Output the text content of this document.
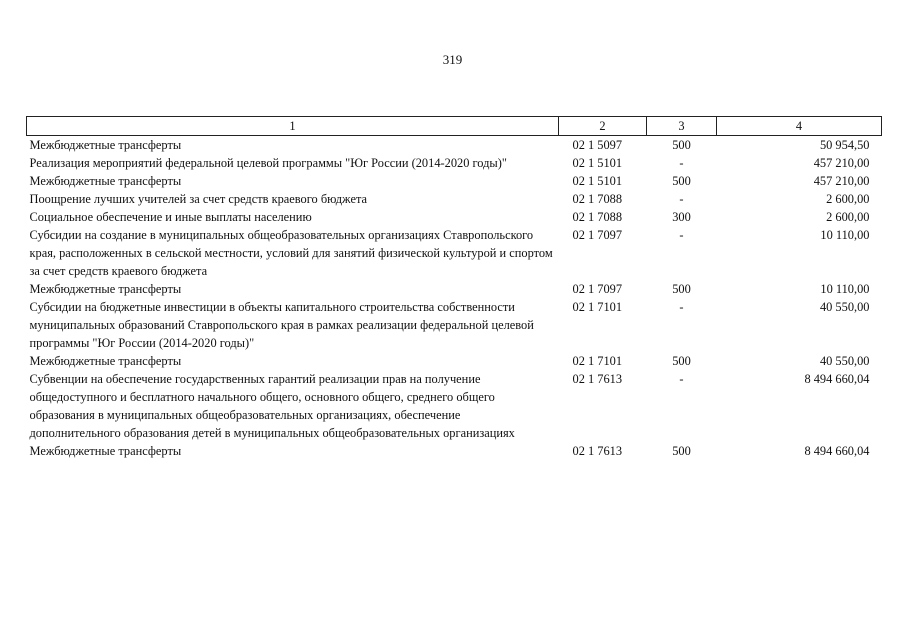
319
1	2	3	4
Межбюджетные трансферты	02 1 5097	500	50 954,50
Реализация мероприятий федеральной целевой программы "Юг России (2014-2020 годы)"	02 1 5101	-	457 210,00
Межбюджетные трансферты	02 1 5101	500	457 210,00
Поощрение лучших учителей за счет средств краевого бюджета	02 1 7088	-	2 600,00
Социальное обеспечение и иные выплаты населению	02 1 7088	300	2 600,00
Субсидии на создание в муниципальных общеобразовательных организациях Ставропольского края, расположенных в сельской местности, условий для занятий физической культурой и спортом за счет средств краевого бюджета	02 1 7097	-	10 110,00
Межбюджетные трансферты	02 1 7097	500	10 110,00
Субсидии на бюджетные инвестиции в объекты капитального строительства собственности муниципальных образований Ставропольского края в рамках реализации федеральной целевой программы "Юг России (2014-2020 годы)"	02 1 7101	-	40 550,00
Межбюджетные трансферты	02 1 7101	500	40 550,00
Субвенции на обеспечение государственных гарантий реализации прав на получение общедоступного и бесплатного начального общего, основного общего, среднего общего образования в муниципальных общеобразовательных организациях, обеспечение дополнительного образования детей в муниципальных общеобразовательных организациях	02 1 7613	-	8 494 660,04
Межбюджетные трансферты	02 1 7613	500	8 494 660,04
